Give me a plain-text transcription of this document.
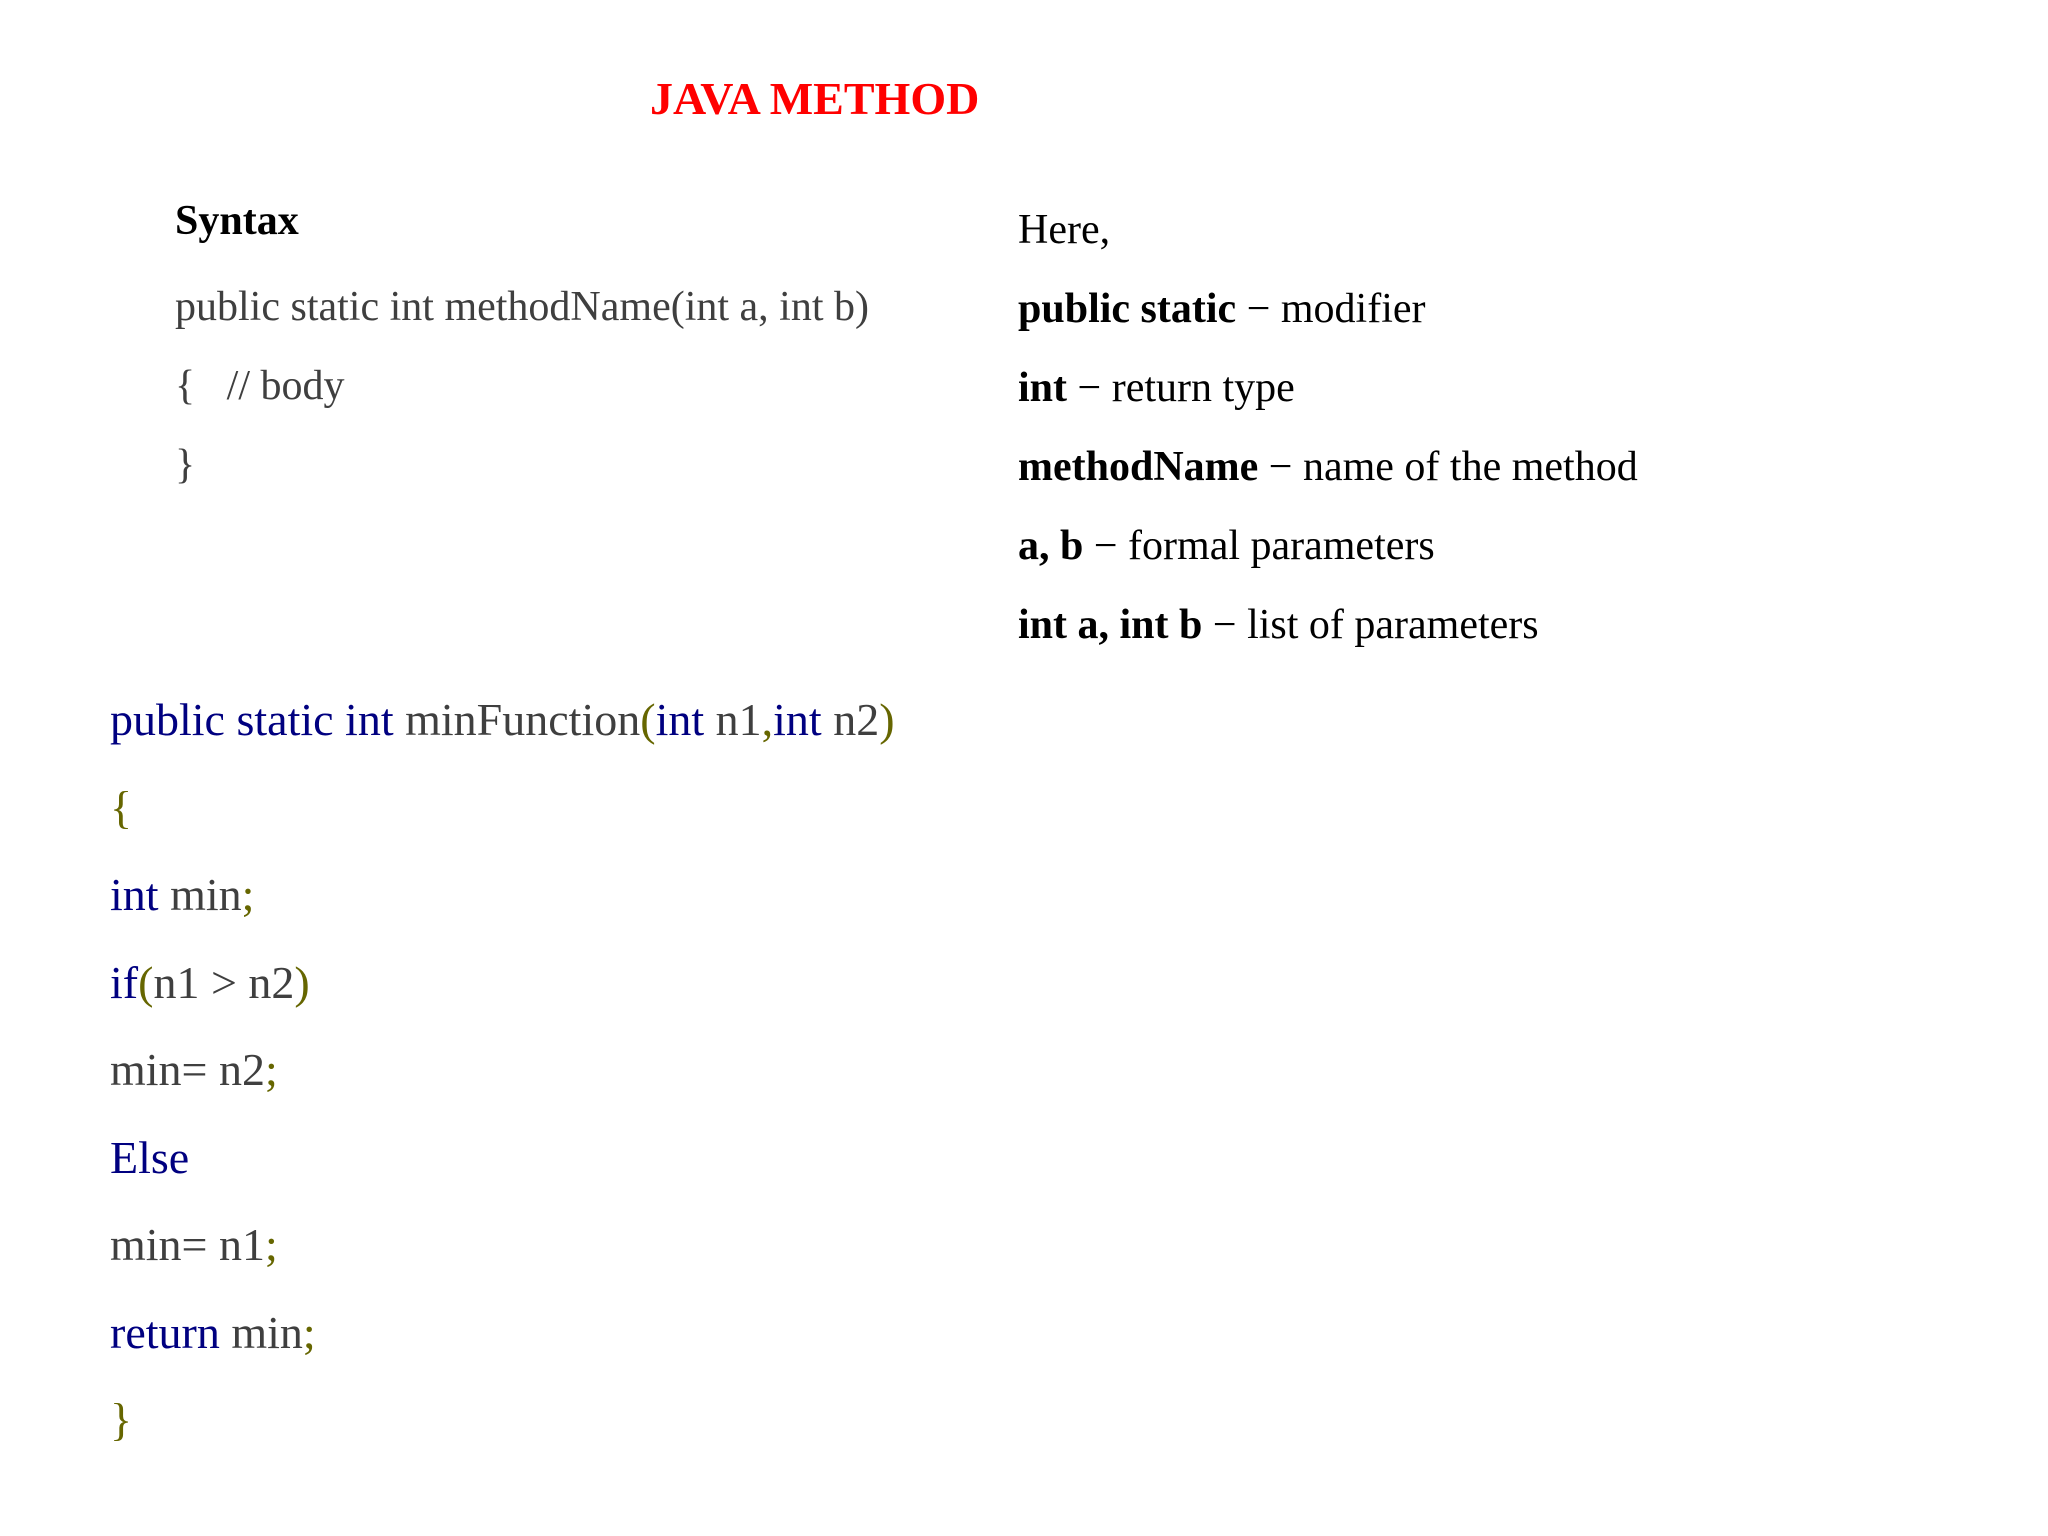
JAVA METHOD
Syntax
public static int methodName(int a, int b)
{   // body
}
Here,
public static − modifier
int − return type
methodName − name of the method
a, b − formal parameters
int a, int b − list of parameters
public static int minFunction(int n1,int n2)
{
int min;
if(n1 > n2)
min= n2;
Else
min= n1;
return min;
}
